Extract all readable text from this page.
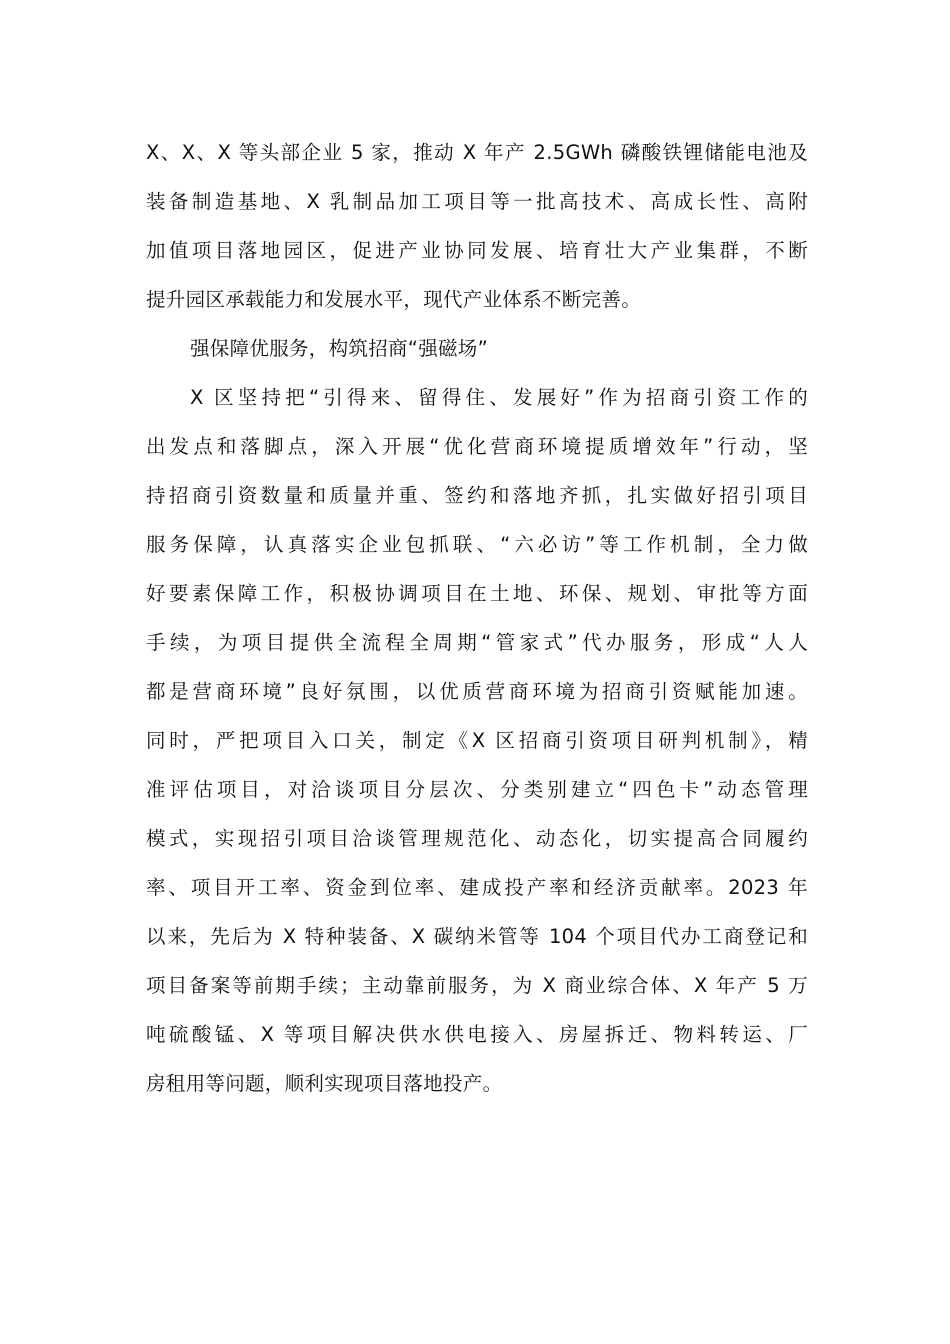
X、X、X 等头部企业 5 家，推动 X 年产 2.5GWh 磷酸铁锂储能电池及
装备制造基地、X 乳制品加工项目等一批高技术、高成长性、高附
加值项目落地园区，促进产业协同发展、培育壮大产业集群，不断
提升园区承载能力和发展水平，现代产业体系不断完善。
强保障优服务，构筑招商“强磁场”
X 区坚持把“引得来、留得住、发展好”作为招商引资工作的
出发点和落脚点，深入开展“优化营商环境提质增效年”行动，坚
持招商引资数量和质量并重、签约和落地齐抓，扎实做好招引项目
服务保障，认真落实企业包抓联、“六必访”等工作机制，全力做
好要素保障工作，积极协调项目在土地、环保、规划、审批等方面
手续，为项目提供全流程全周期“管家式”代办服务，形成“人人
都是营商环境”良好氛围，以优质营商环境为招商引资赋能加速。
同时，严把项目入口关，制定《X 区招商引资项目研判机制》，精
准评估项目，对洽谈项目分层次、分类别建立“四色卡”动态管理
模式，实现招引项目洽谈管理规范化、动态化，切实提高合同履约
率、项目开工率、资金到位率、建成投产率和经济贡献率。2023 年
以来，先后为 X 特种装备、X 碳纳米管等 104 个项目代办工商登记和
项目备案等前期手续；主动靠前服务，为 X 商业综合体、X 年产 5 万
吨硫酸锰、X 等项目解决供水供电接入、房屋拆迁、物料转运、厂
房租用等问题，顺利实现项目落地投产。
